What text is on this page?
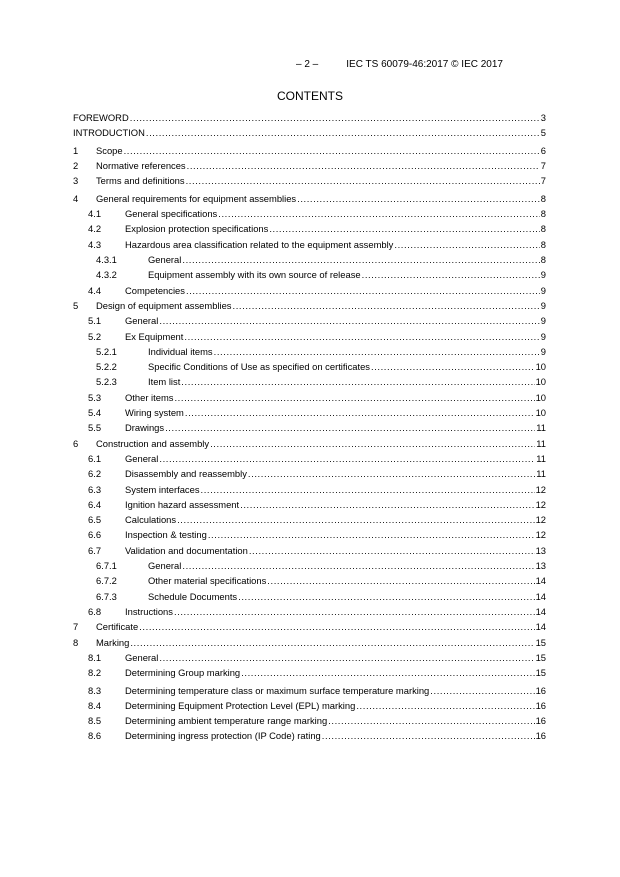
– 2 –	IEC TS 60079-46:2017 © IEC 2017
CONTENTS
FOREWORD .....	3
INTRODUCTION .....	5
1	Scope .....	6
2	Normative references .....	7
3	Terms and definitions .....	7
4	General requirements for equipment assemblies .....	8
4.1	General specifications .....	8
4.2	Explosion protection specifications .....	8
4.3	Hazardous area classification related to the equipment assembly .....	8
4.3.1	General .....	8
4.3.2	Equipment assembly with its own source of release .....	9
4.4	Competencies .....	9
5	Design of equipment assemblies .....	9
5.1	General .....	9
5.2	Ex Equipment .....	9
5.2.1	Individual items .....	9
5.2.2	Specific Conditions of Use as specified on certificates .....	10
5.2.3	Item list .....	10
5.3	Other items .....	10
5.4	Wiring system .....	10
5.5	Drawings .....	11
6	Construction and assembly .....	11
6.1	General .....	11
6.2	Disassembly and reassembly .....	11
6.3	System interfaces .....	12
6.4	Ignition hazard assessment .....	12
6.5	Calculations .....	12
6.6	Inspection & testing .....	12
6.7	Validation and documentation .....	13
6.7.1	General .....	13
6.7.2	Other material specifications .....	14
6.7.3	Schedule Documents .....	14
6.8	Instructions .....	14
7	Certificate .....	14
8	Marking .....	15
8.1	General .....	15
8.2	Determining Group marking .....	15
8.3	Determining temperature class or maximum surface temperature marking .....	16
8.4	Determining Equipment Protection Level (EPL) marking .....	16
8.5	Determining ambient temperature range marking .....	16
8.6	Determining ingress protection (IP Code) rating .....	16
